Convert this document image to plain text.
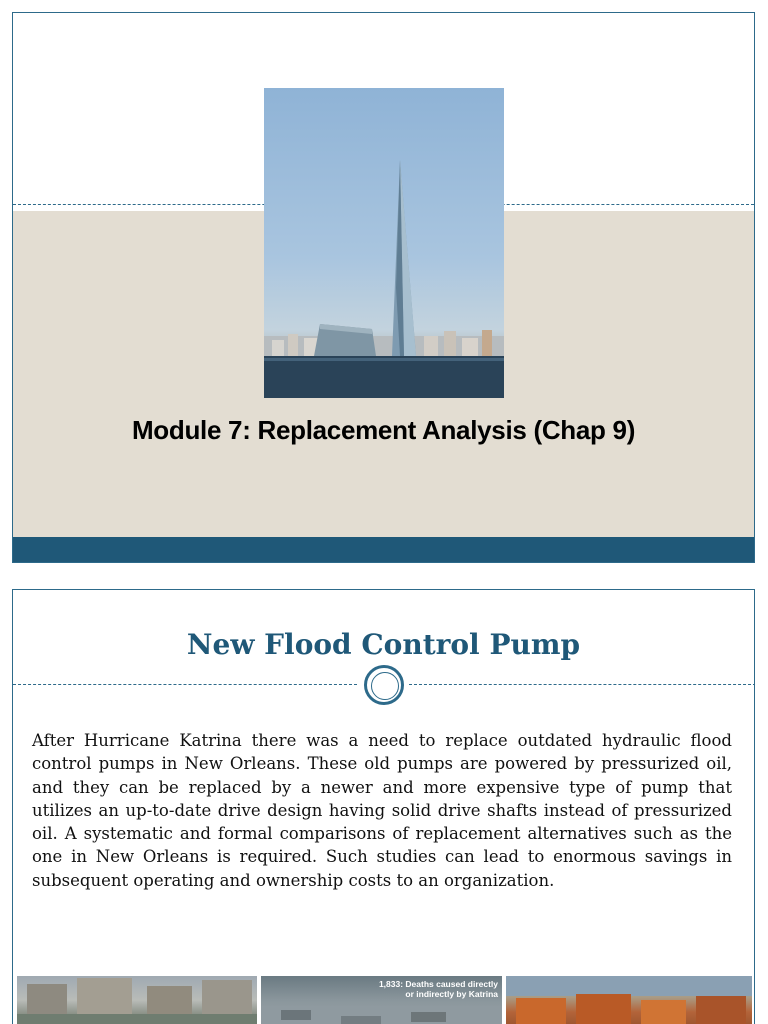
Module 7: Replacement Analysis (Chap 9)
New Flood Control Pump

After Hurricane Katrina there was a need to replace outdated hydraulic flood control pumps in New Orleans. These old pumps are powered by pressurized oil, and they can be replaced by a newer and more expensive type of pump that utilizes an up-to-date drive design having solid drive shafts instead of pressurized oil. A systematic and formal comparisons of replacement alternatives such as the one in New Orleans is required. Such studies can lead to enormous savings in subsequent operating and ownership costs to an organization.

1,833: Deaths caused directly
or indirectly by Katrina
